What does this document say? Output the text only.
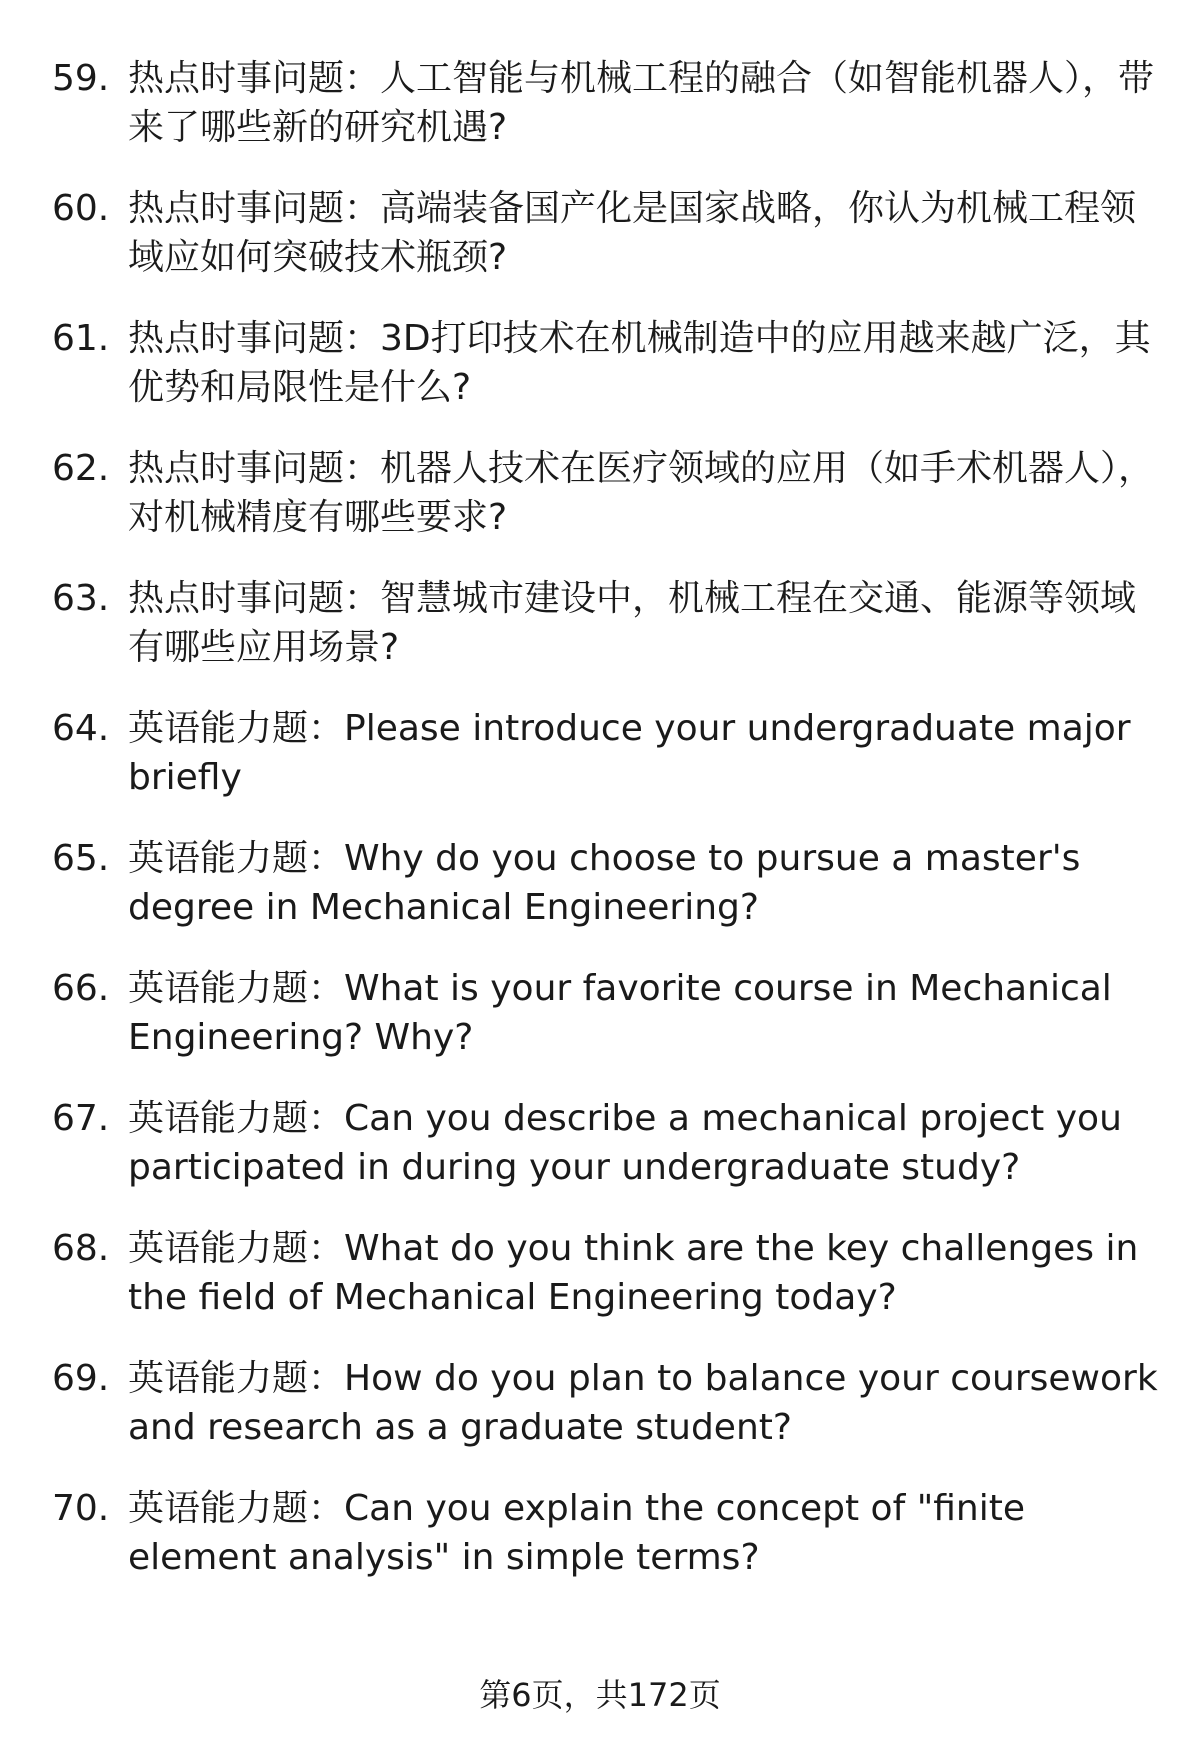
59. 热点时事问题：人工智能与机械工程的融合（如智能机器人），带来了哪些新的研究机遇?
60. 热点时事问题：高端装备国产化是国家战略，你认为机械工程领域应如何突破技术瓶颈?
61. 热点时事问题：3D打印技术在机械制造中的应用越来越广泛，其优势和局限性是什么?
62. 热点时事问题：机器人技术在医疗领域的应用（如手术机器人），对机械精度有哪些要求?
63. 热点时事问题：智慧城市建设中，机械工程在交通、能源等领域有哪些应用场景?
64. 英语能力题：Please introduce your undergraduate major briefly
65. 英语能力题：Why do you choose to pursue a master's degree in Mechanical Engineering?
66. 英语能力题：What is your favorite course in Mechanical Engineering? Why?
67. 英语能力题：Can you describe a mechanical project you participated in during your undergraduate study?
68. 英语能力题：What do you think are the key challenges in the field of Mechanical Engineering today?
69. 英语能力题：How do you plan to balance your coursework and research as a graduate student?
70. 英语能力题：Can you explain the concept of "finite element analysis" in simple terms?
第6页，共172页
